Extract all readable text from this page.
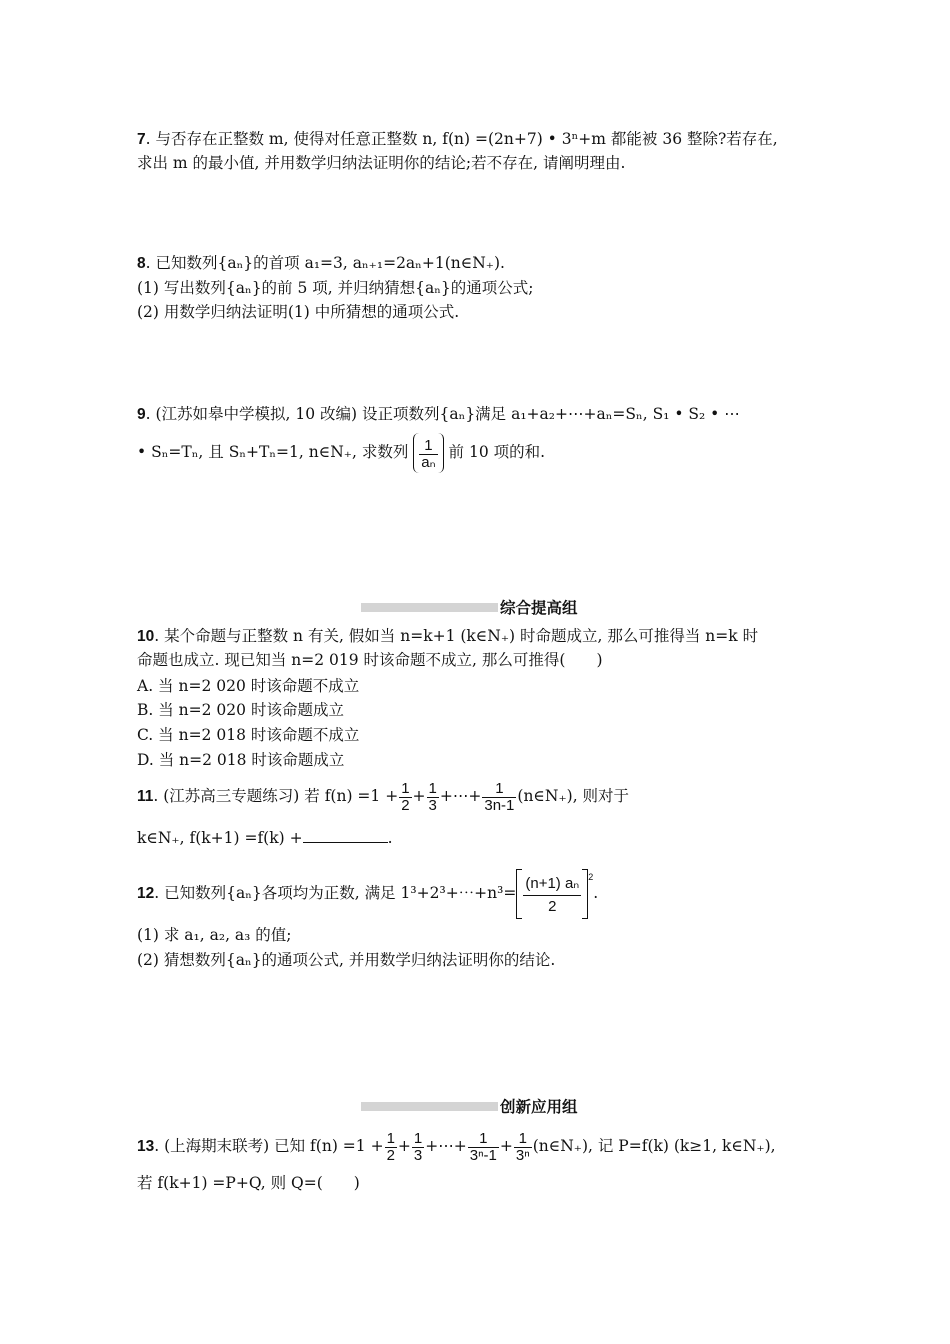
7. 与否存在正整数 m, 使得对任意正整数 n, f(n) =(2n+7) • 3ⁿ+m 都能被 36 整除?若存在,
求出 m 的最小值, 并用数学归纳法证明你的结论;若不存在, 请阐明理由.
8. 已知数列{aₙ}的首项 a₁=3, aₙ₊₁=2aₙ+1(n∈N₊).
(1) 写出数列{aₙ}的前 5 项, 并归纳猜想{aₙ}的通项公式;
(2) 用数学归纳法证明(1) 中所猜想的通项公式.
9. (江苏如皋中学模拟, 10 改编) 设正项数列{aₙ}满足 a₁+a₂+⋯+aₙ=Sₙ, S₁ • S₂ • ⋯
• Sₙ=Tₙ, 且 Sₙ+Tₙ=1, n∈N₊, 求数列 $\frac{1}{\text{aₙ}}$ 前 10 项的和.
综合提高组
10. 某个命题与正整数 n 有关, 假如当 n=k+1 (k∈N₊) 时命题成立, 那么可推得当 n=k 时
命题也成立. 现已知当 n=2 019 时该命题不成立, 那么可推得(　　)
A. 当 n=2 020 时该命题不成立
B. 当 n=2 020 时该命题成立
C. 当 n=2 018 时该命题不成立
D. 当 n=2 018 时该命题成立
11. (江苏高三专题练习) 若 $f(n) =1 + \frac{1}{2} + \frac{1}{3}$ +⋯+ $\frac{1}{3n-1}$ (n∈N₊), 则对于
k∈N₊, f(k+1) =f(k) +	.
12. 已知数列{aₙ}各项均为正数, 满足 1³+2³+⋯+n³= $\frac{\text{(n+1) aₙ}}{2} ^2$.
(1) 求 a₁, a₂, a₃ 的值;
(2) 猜想数列{aₙ}的通项公式, 并用数学归纳法证明你的结论.
创新应用组
13. (上海期末联考) 已知 $f(n) =1 + \frac{1}{2} + \frac{1}{3}$ +⋯+ $\frac{1}{\text{3ⁿ-1}} + \frac{1}{\text{3ⁿ}}$ (n∈N₊), 记 P=f(k) (k≥1, k∈N₊),
若 f(k+1) =P+Q, 则 Q=(　　)
